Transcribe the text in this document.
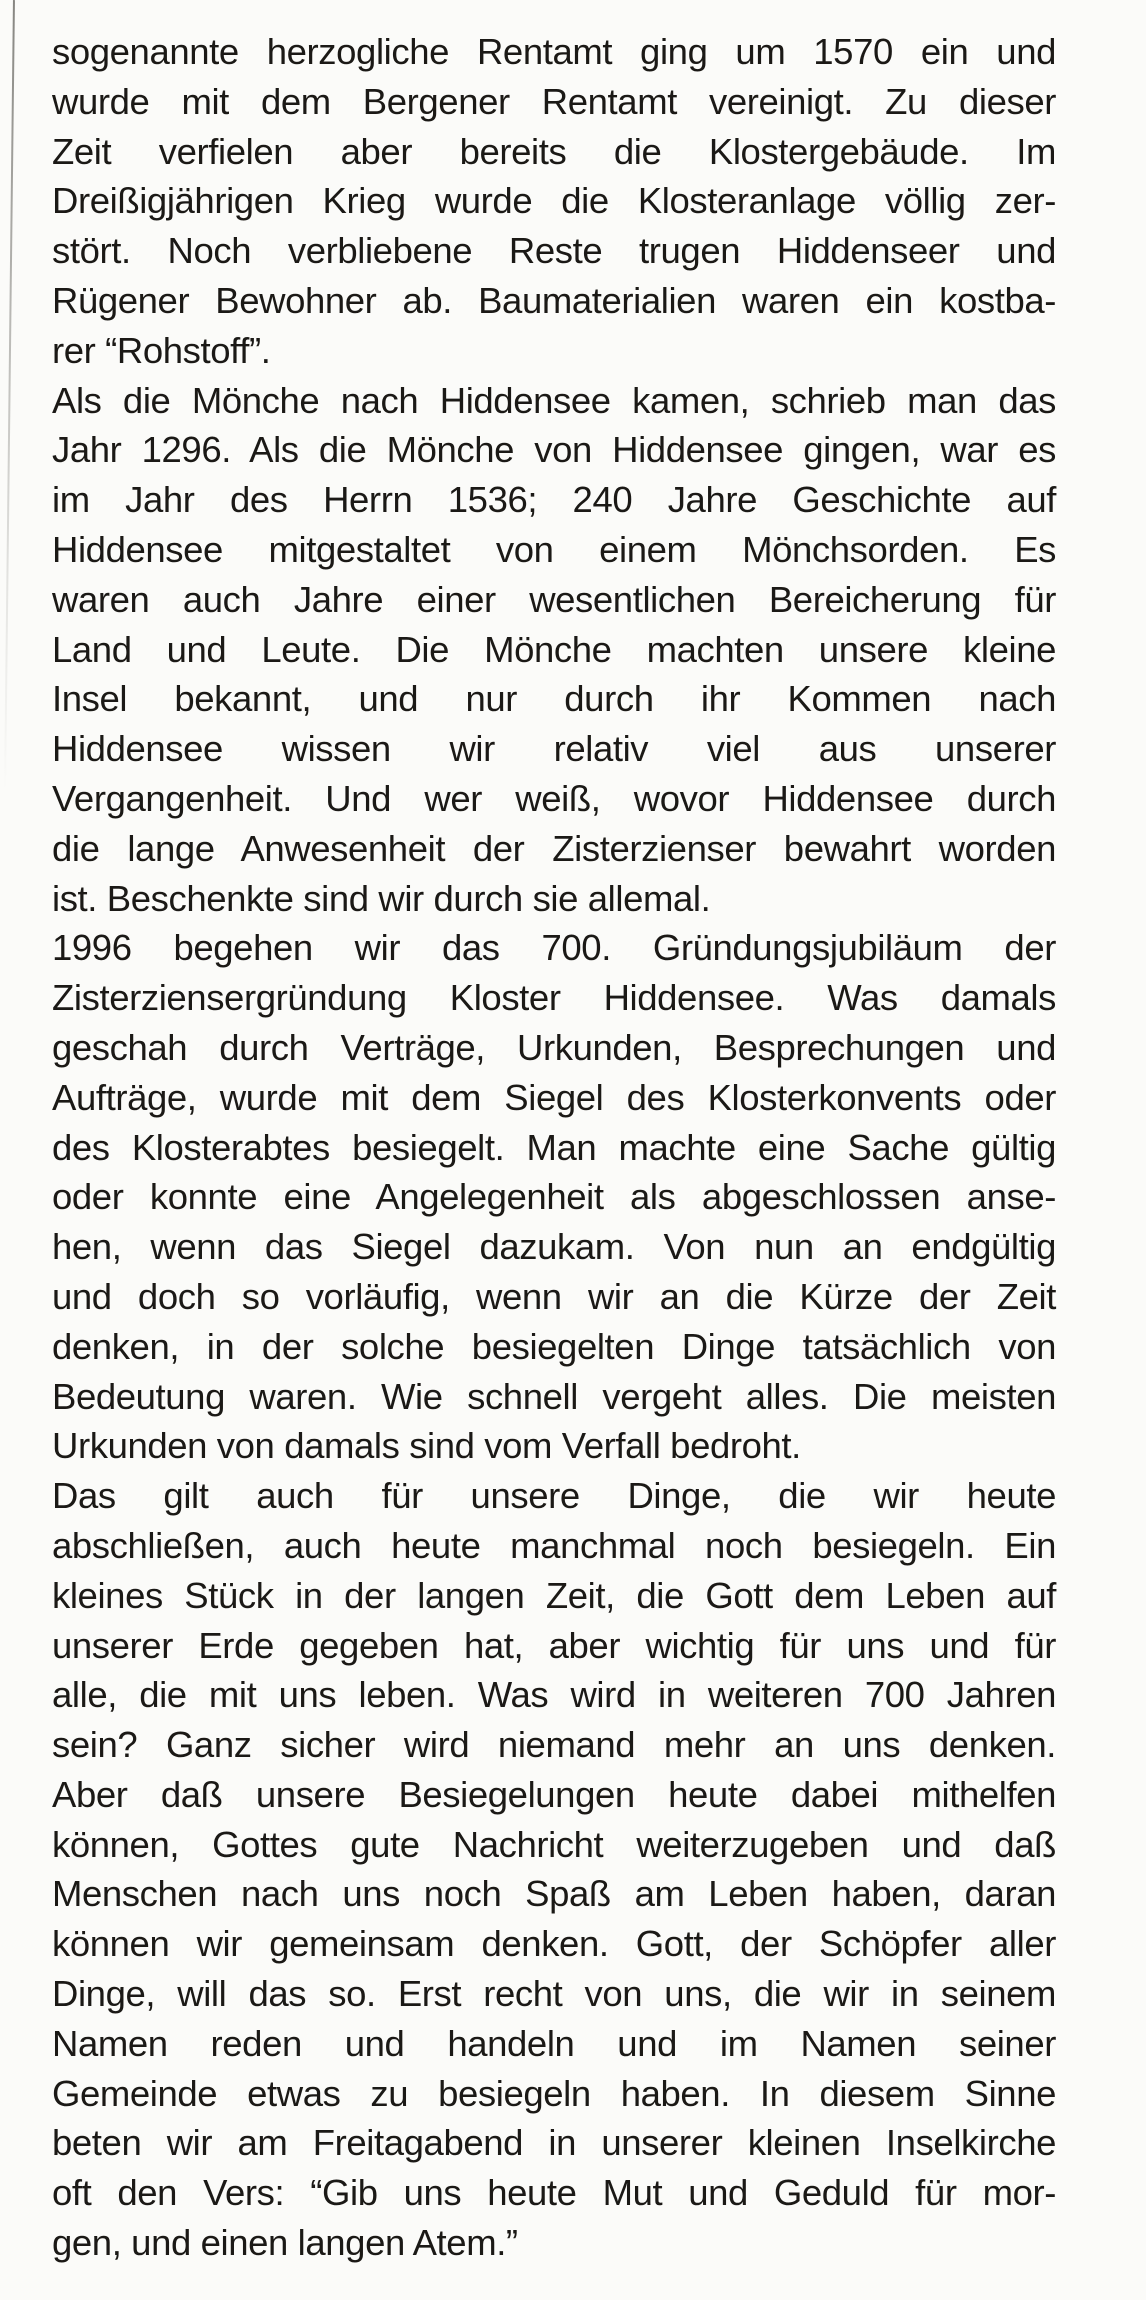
sogenannte herzogliche Rentamt ging um 1570 ein und
wurde mit dem Bergener Rentamt vereinigt. Zu dieser
Zeit verfielen aber bereits die Klostergebäude. Im
Dreißigjährigen Krieg wurde die Klosteranlage völlig zer-
stört. Noch verbliebene Reste trugen Hiddenseer und
Rügener Bewohner ab. Baumaterialien waren ein kostba-
rer “Rohstoff”.
Als die Mönche nach Hiddensee kamen, schrieb man das
Jahr 1296. Als die Mönche von Hiddensee gingen, war es
im Jahr des Herrn 1536; 240 Jahre Geschichte auf
Hiddensee mitgestaltet von einem Mönchsorden. Es
waren auch Jahre einer wesentlichen Bereicherung für
Land und Leute. Die Mönche machten unsere kleine
Insel bekannt, und nur durch ihr Kommen nach
Hiddensee wissen wir relativ viel aus unserer
Vergangenheit. Und wer weiß, wovor Hiddensee durch
die lange Anwesenheit der Zisterzienser bewahrt worden
ist. Beschenkte sind wir durch sie allemal.
1996 begehen wir das 700. Gründungsjubiläum der
Zisterziensergründung Kloster Hiddensee. Was damals
geschah durch Verträge, Urkunden, Besprechungen und
Aufträge, wurde mit dem Siegel des Klosterkonvents oder
des Klosterabtes besiegelt. Man machte eine Sache gültig
oder konnte eine Angelegenheit als abgeschlossen anse-
hen, wenn das Siegel dazukam. Von nun an endgültig
und doch so vorläufig, wenn wir an die Kürze der Zeit
denken, in der solche besiegelten Dinge tatsächlich von
Bedeutung waren. Wie schnell vergeht alles. Die meisten
Urkunden von damals sind vom Verfall bedroht.
Das gilt auch für unsere Dinge, die wir heute
abschließen, auch heute manchmal noch besiegeln. Ein
kleines Stück in der langen Zeit, die Gott dem Leben auf
unserer Erde gegeben hat, aber wichtig für uns und für
alle, die mit uns leben. Was wird in weiteren 700 Jahren
sein? Ganz sicher wird niemand mehr an uns denken.
Aber daß unsere Besiegelungen heute dabei mithelfen
können, Gottes gute Nachricht weiterzugeben und daß
Menschen nach uns noch Spaß am Leben haben, daran
können wir gemeinsam denken. Gott, der Schöpfer aller
Dinge, will das so. Erst recht von uns, die wir in seinem
Namen reden und handeln und im Namen seiner
Gemeinde etwas zu besiegeln haben. In diesem Sinne
beten wir am Freitagabend in unserer kleinen Inselkirche
oft den Vers: “Gib uns heute Mut und Geduld für mor-
gen, und einen langen Atem.”
